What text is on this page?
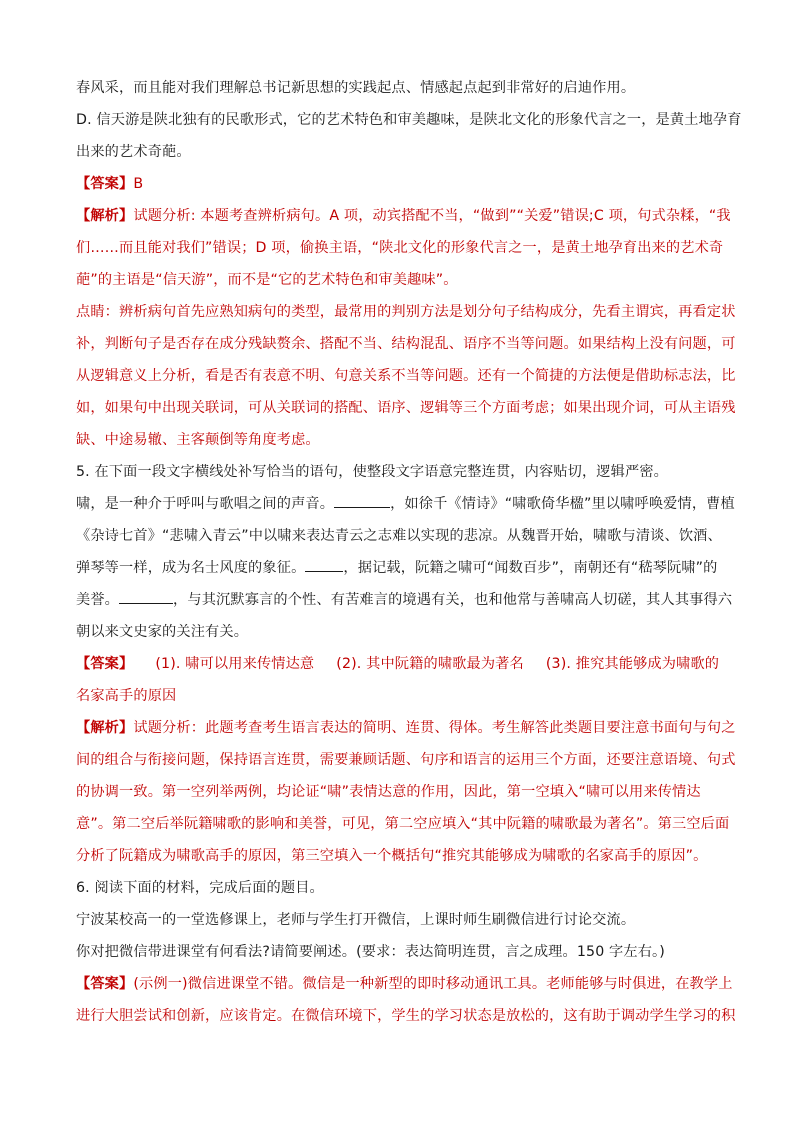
春风采，而且能对我们理解总书记新思想的实践起点、情感起点起到非常好的启迪作用。
D. 信天游是陕北独有的民歌形式，它的艺术特色和审美趣味，是陕北文化的形象代言之一，是黄土地孕育
出来的艺术奇葩。
【答案】B
【解析】试题分析: 本题考查辨析病句。A 项，动宾搭配不当，“做到”“关爱”错误;C 项，句式杂糅，“我
们……而且能对我们”错误；D 项，偷换主语，“陕北文化的形象代言之一，是黄土地孕育出来的艺术奇
葩”的主语是“信天游”，而不是“它的艺术特色和审美趣味”。
点睛：辨析病句首先应熟知病句的类型，最常用的判别方法是划分句子结构成分，先看主谓宾，再看定状
补，判断句子是否存在成分残缺赘余、搭配不当、结构混乱、语序不当等问题。如果结构上没有问题，可
从逻辑意义上分析，看是否有表意不明、句意关系不当等问题。还有一个简捷的方法便是借助标志法，比
如，如果句中出现关联词，可从关联词的搭配、语序、逻辑等三个方面考虑；如果出现介词，可从主语残
缺、中途易辙、主客颠倒等角度考虑。
5. 在下面一段文字横线处补写恰当的语句，使整段文字语意完整连贯，内容贴切，逻辑严密。
啸，是一种介于呼叫与歌唱之间的声音。	，如徐千《情诗》“啸歌倚华楹”里以啸呼唤爱情，曹植
《杂诗七首》“悲啸入青云”中以啸来表达青云之志难以实现的悲凉。从魏晋开始，啸歌与清谈、饮酒、
弹琴等一样，成为名士风度的象征。	，据记载，阮籍之啸可“闻数百步”，南朝还有“嵇琴阮啸”的
美誉。	，与其沉默寡言的个性、有苦难言的境遇有关，也和他常与善啸高人切磋，其人其事得六
朝以来文史家的关注有关。
【答案】 (1). 啸可以用来传情达意 (2). 其中阮籍的啸歌最为著名 (3). 推究其能够成为啸歌的
名家高手的原因
【解析】试题分析：此题考查考生语言表达的简明、连贯、得体。考生解答此类题目要注意书面句与句之
间的组合与衔接问题，保持语言连贯，需要兼顾话题、句序和语言的运用三个方面，还要注意语境、句式
的协调一致。第一空列举两例，均论证“啸”表情达意的作用，因此，第一空填入“啸可以用来传情达
意”。第二空后举阮籍啸歌的影响和美誉，可见，第二空应填入“其中阮籍的啸歌最为著名”。第三空后面
分析了阮籍成为啸歌高手的原因，第三空填入一个概括句“推究其能够成为啸歌的名家高手的原因”。
6. 阅读下面的材料，完成后面的题目。
宁波某校高一的一堂选修课上，老师与学生打开微信，上课时师生刷微信进行讨论交流。
你对把微信带进课堂有何看法?请简要阐述。(要求：表达简明连贯，言之成理。150 字左右。)
【答案】(示例一)微信进课堂不错。微信是一种新型的即时移动通讯工具。老师能够与时俱进，在教学上
进行大胆尝试和创新，应该肯定。在微信环境下，学生的学习状态是放松的，这有助于调动学生学习的积
